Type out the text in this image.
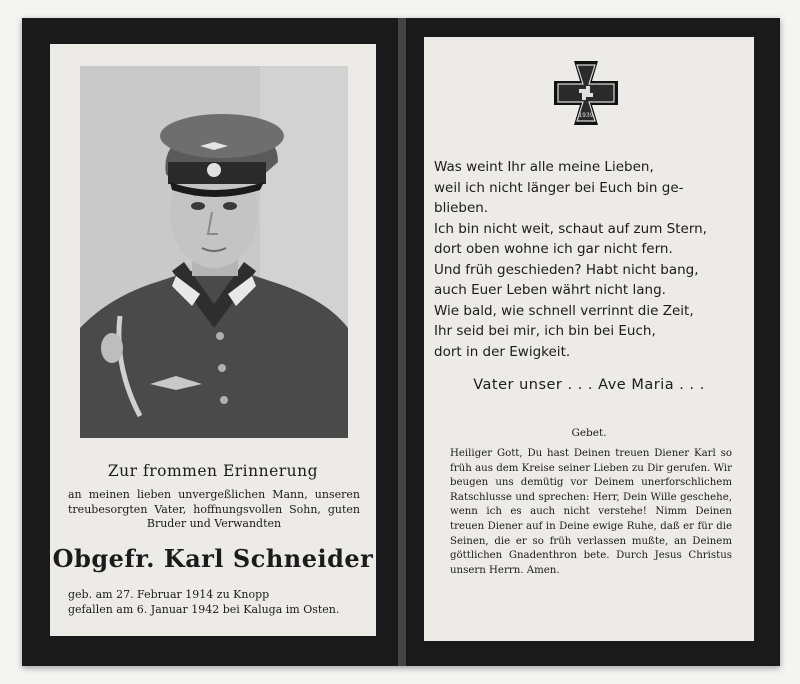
Zur frommen Erinnerung
an meinen lieben unvergeßlichen Mann, unseren treubesorgten Vater, hoffnungsvollen Sohn, guten Bruder und Verwandten
Obgefr. Karl Schneider
geb. am 27. Februar 1914 zu Knopp
gefallen am 6. Januar 1942 bei Kaluga im Osten.
1939
Was weint Ihr alle meine Lieben,
weil ich nicht länger bei Euch bin ge-
blieben.
Ich bin nicht weit, schaut auf zum Stern,
dort oben wohne ich gar nicht fern.
Und früh geschieden? Habt nicht bang,
auch Euer Leben währt nicht lang.
Wie bald, wie schnell verrinnt die Zeit,
Ihr seid bei mir, ich bin bei Euch,
dort in der Ewigkeit.
Vater unser . . . Ave Maria . . .
Gebet.
Heiliger Gott, Du hast Deinen treuen Diener Karl so früh aus dem Kreise seiner Lieben zu Dir gerufen. Wir beugen uns demütig vor Deinem unerforschlichem Ratschlusse und sprechen: Herr, Dein Wille geschehe, wenn ich es auch nicht verstehe! Nimm Deinen treuen Diener auf in Deine ewige Ruhe, daß er für die Seinen, die er so früh verlassen mußte, an Deinem göttlichen Gnadenthron bete. Durch Jesus Christus unsern Herrn. Amen.
